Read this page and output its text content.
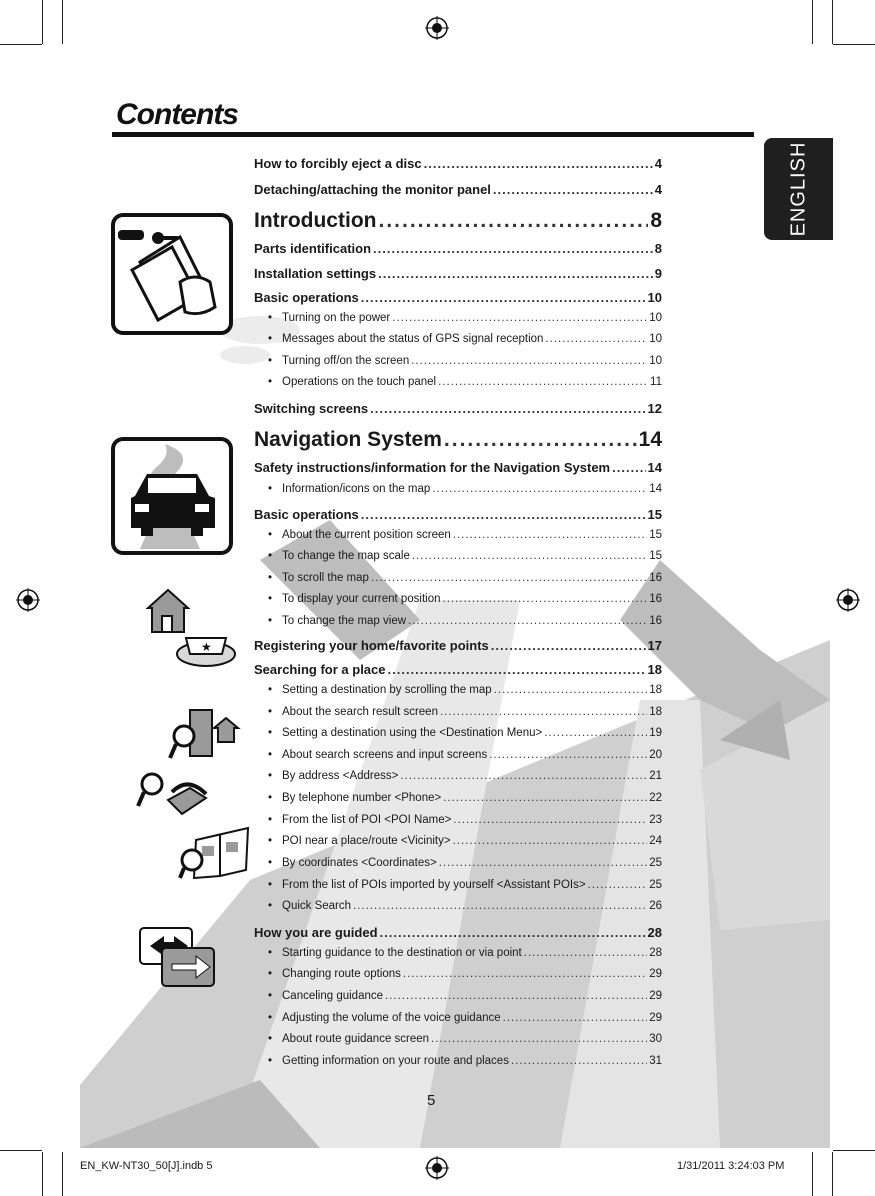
Contents
ENGLISH
★
How to forcibly eject a disc .....	4
Detaching/attaching the monitor panel .....	4
Introduction .....	8
Parts identification .....	8
Installation settings .....	9
Basic operations .....	10
• Turning on the power .....	10
• Messages about the status of GPS signal reception .....	10
• Turning off/on the screen .....	10
• Operations on the touch panel .....	11
Switching screens .....	12
Navigation System .....	14
Safety instructions/information for the Navigation System .....	14
• Information/icons on the map .....	14
Basic operations .....	15
• About the current position screen .....	15
• To change the map scale .....	15
• To scroll the map .....	16
• To display your current position .....	16
• To change the map view .....	16
Registering your home/favorite points .....	17
Searching for a place .....	18
• Setting a destination by scrolling the map .....	18
• About the search result screen .....	18
• Setting a destination using the <Destination Menu> .....	19
• About search screens and input screens .....	20
• By address <Address> .....	21
• By telephone number <Phone> .....	22
• From the list of POI <POI Name> .....	23
• POI near a place/route <Vicinity> .....	24
• By coordinates <Coordinates> .....	25
• From the list of POIs imported by yourself <Assistant POIs> .....	25
• Quick Search .....	26
How you are guided .....	28
• Starting guidance to the destination or via point .....	28
• Changing route options .....	29
• Canceling guidance .....	29
• Adjusting the volume of the voice guidance .....	29
• About route guidance screen .....	30
• Getting information on your route and places .....	31
5
EN_KW-NT30_50[J].indb 5	1/31/2011 3:24:03 PM
